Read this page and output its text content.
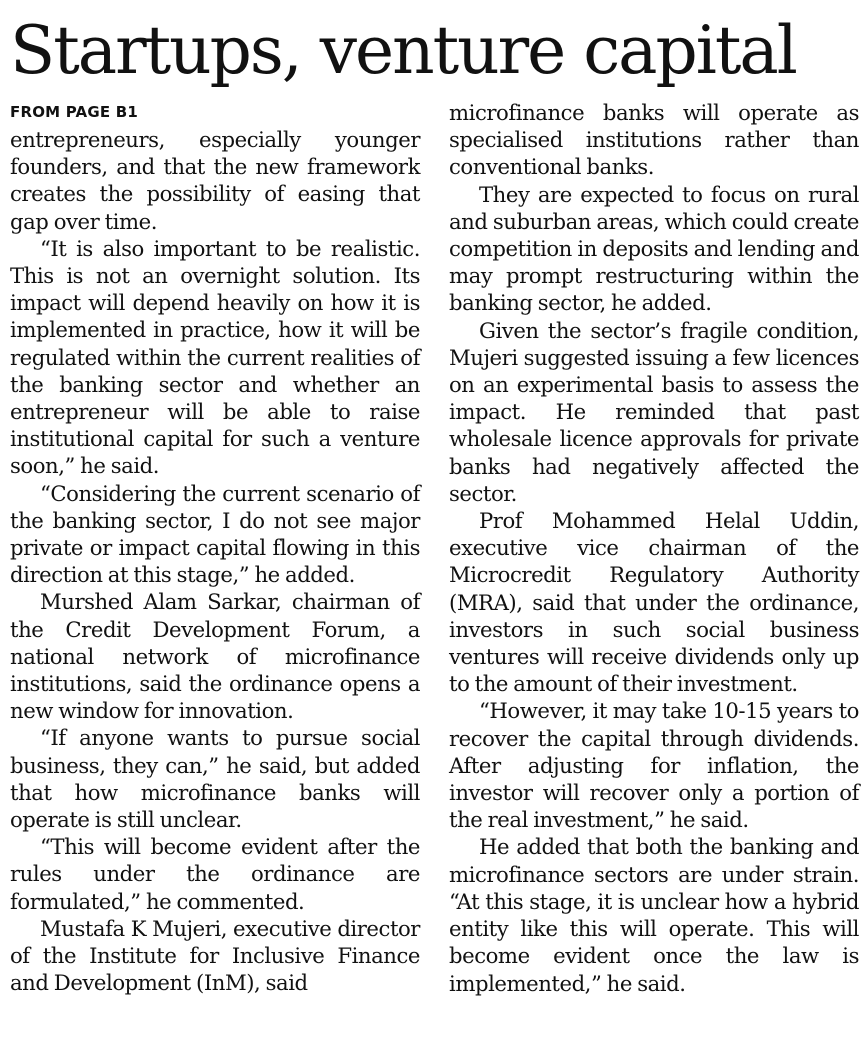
Startups, venture capital
FROM PAGE B1

entrepreneurs, especially younger founders, and that the new framework creates the possibility of easing that gap over time.

“It is also important to be realistic. This is not an overnight solution. Its impact will depend heavily on how it is implemented in practice, how it will be regulated within the current realities of the banking sector and whether an entrepreneur will be able to raise institutional capital for such a venture soon,” he said.

“Considering the current scenario of the banking sector, I do not see major private or impact capital flowing in this direction at this stage,” he added.

Murshed Alam Sarkar, chairman of the Credit Development Forum, a national network of microfinance institutions, said the ordinance opens a new window for innovation.

“If anyone wants to pursue social business, they can,” he said, but added that how microfinance banks will operate is still unclear.

“This will become evident after the rules under the ordinance are formulated,” he commented.

Mustafa K Mujeri, executive director of the Institute for Inclusive Finance and Development (InM), said

microfinance banks will operate as specialised institutions rather than conventional banks.

They are expected to focus on rural and suburban areas, which could create competition in deposits and lending and may prompt restructuring within the banking sector, he added.

Given the sector’s fragile condition, Mujeri suggested issuing a few licences on an experimental basis to assess the impact. He reminded that past wholesale licence approvals for private banks had negatively affected the sector.

Prof Mohammed Helal Uddin, executive vice chairman of the Microcredit Regulatory Authority (MRA), said that under the ordinance, investors in such social business ventures will receive dividends only up to the amount of their investment.

“However, it may take 10-15 years to recover the capital through dividends. After adjusting for inflation, the investor will recover only a portion of the real investment,” he said.

He added that both the banking and microfinance sectors are under strain. “At this stage, it is unclear how a hybrid entity like this will operate. This will become evident once the law is implemented,” he said.
